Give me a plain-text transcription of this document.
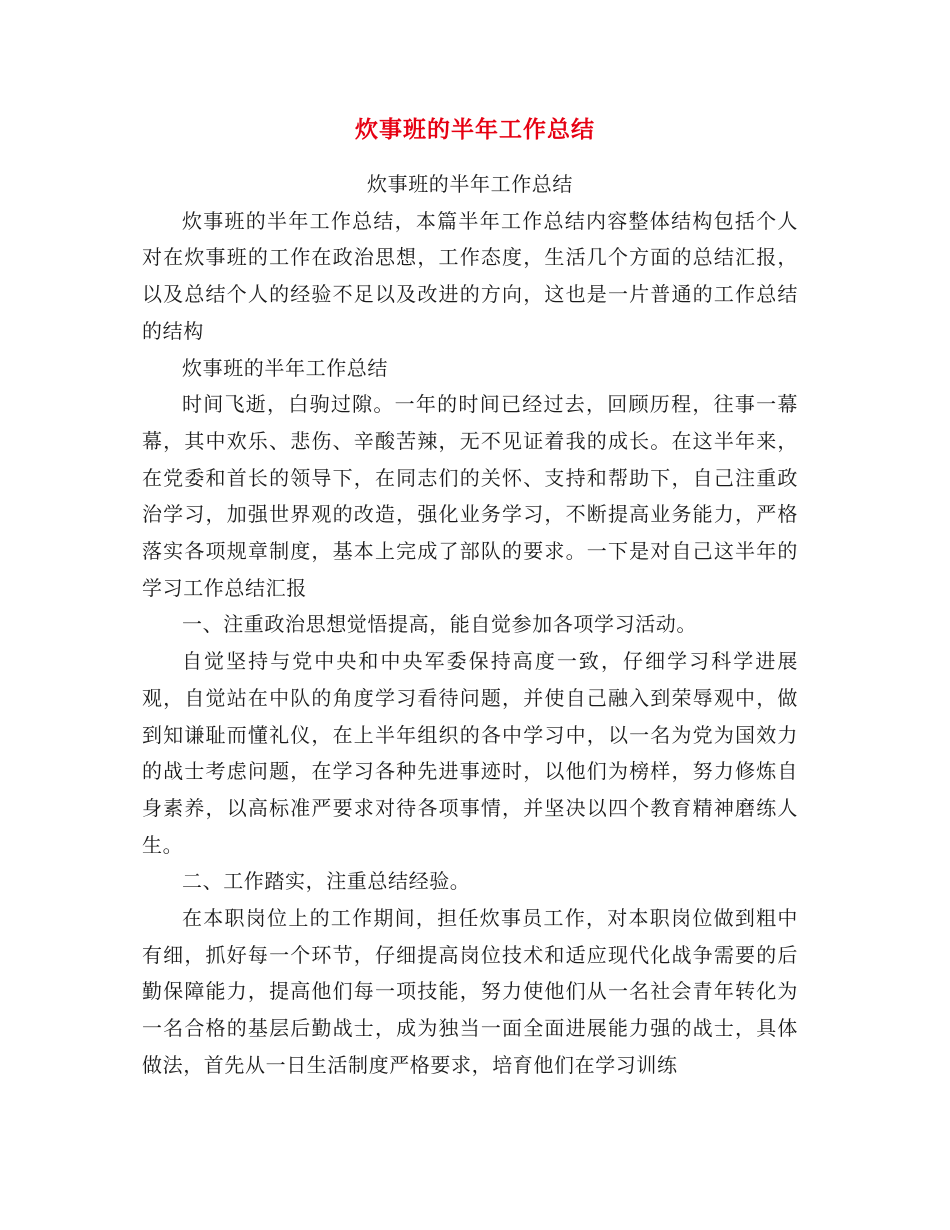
炊事班的半年工作总结

炊事班的半年工作总结

炊事班的半年工作总结，本篇半年工作总结内容整体结构包括个人对在炊事班的工作在政治思想，工作态度，生活几个方面的总结汇报，以及总结个人的经验不足以及改进的方向，这也是一片普通的工作总结的结构

炊事班的半年工作总结

时间飞逝，白驹过隙。一年的时间已经过去，回顾历程，往事一幕幕，其中欢乐、悲伤、辛酸苦辣，无不见证着我的成长。在这半年来，在党委和首长的领导下，在同志们的关怀、支持和帮助下，自己注重政治学习，加强世界观的改造，强化业务学习，不断提高业务能力，严格落实各项规章制度，基本上完成了部队的要求。一下是对自己这半年的学习工作总结汇报

一、注重政治思想觉悟提高，能自觉参加各项学习活动。

自觉坚持与党中央和中央军委保持高度一致，仔细学习科学进展观，自觉站在中队的角度学习看待问题，并使自己融入到荣辱观中，做到知谦耻而懂礼仪，在上半年组织的各中学习中，以一名为党为国效力的战士考虑问题，在学习各种先进事迹时，以他们为榜样，努力修炼自身素养，以高标准严要求对待各项事情，并坚决以四个教育精神磨练人生。

二、工作踏实，注重总结经验。

在本职岗位上的工作期间，担任炊事员工作，对本职岗位做到粗中有细，抓好每一个环节，仔细提高岗位技术和适应现代化战争需要的后勤保障能力，提高他们每一项技能，努力使他们从一名社会青年转化为一名合格的基层后勤战士，成为独当一面全面进展能力强的战士，具体做法，首先从一日生活制度严格要求，培育他们在学习训练
